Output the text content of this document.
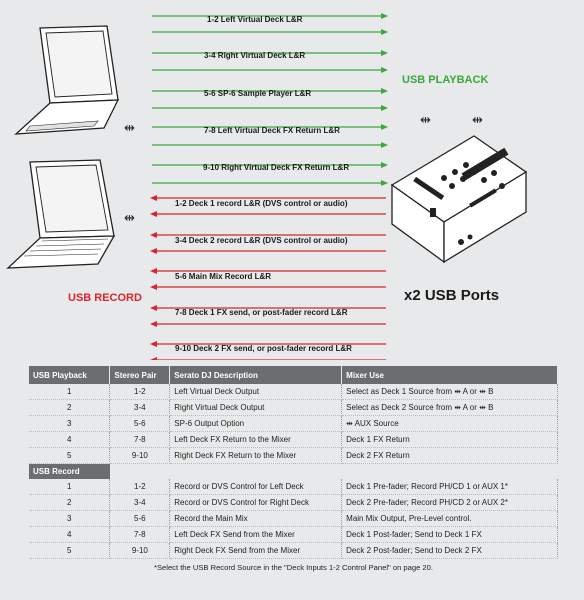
⇹
⇹
⇹	⇹
1-2 Left Virtual Deck L&R
3-4 Right Virtual Deck L&R
5-6 SP-6 Sample Player L&R
7-8 Left Virtual Deck FX Return L&R
9-10 Right Virtual Deck FX Return L&R
1-2 Deck 1 record L&R (DVS control or audio)
3-4 Deck 2 record L&R (DVS control or audio)
5-6 Main Mix Record L&R
7-8 Deck 1 FX send, or post-fader record L&R
9-10 Deck 2 FX send, or post-fader record L&R
USB PLAYBACK
USB RECORD	x2 USB Ports
USB Playback	Stereo Pair	Serato DJ Description	Mixer Use
1	1-2	Left Virtual Deck Output	Select as Deck 1 Source from ⇹ A or ⇹ B
2	3-4	Right Virtual Deck Output	Select as Deck 2 Source from ⇹ A or ⇹ B
3	5-6	SP-6 Output Option	⇹ AUX Source
4	7-8	Left Deck FX Return to the Mixer	Deck 1 FX Return
5	9-10	Right Deck FX Return to the Mixer	Deck 2 FX Return
USB Record			
1	1-2	Record or DVS Control for Left Deck	Deck 1 Pre-fader; Record PH/CD 1 or AUX 1*
2	3-4	Record or DVS Control for Right Deck	Deck 2 Pre-fader; Record PH/CD 2 or AUX 2*
3	5-6	Record the Main Mix	Main Mix Output, Pre-Level control.
4	7-8	Left Deck FX Send from the Mixer	Deck 1 Post-fader; Send to Deck 1 FX
5	9-10	Right Deck FX Send from the Mixer	Deck 2 Post-fader; Send to Deck 2 FX
*Select the USB Record Source in the "Deck Inputs 1-2 Control Panel" on page 20.
